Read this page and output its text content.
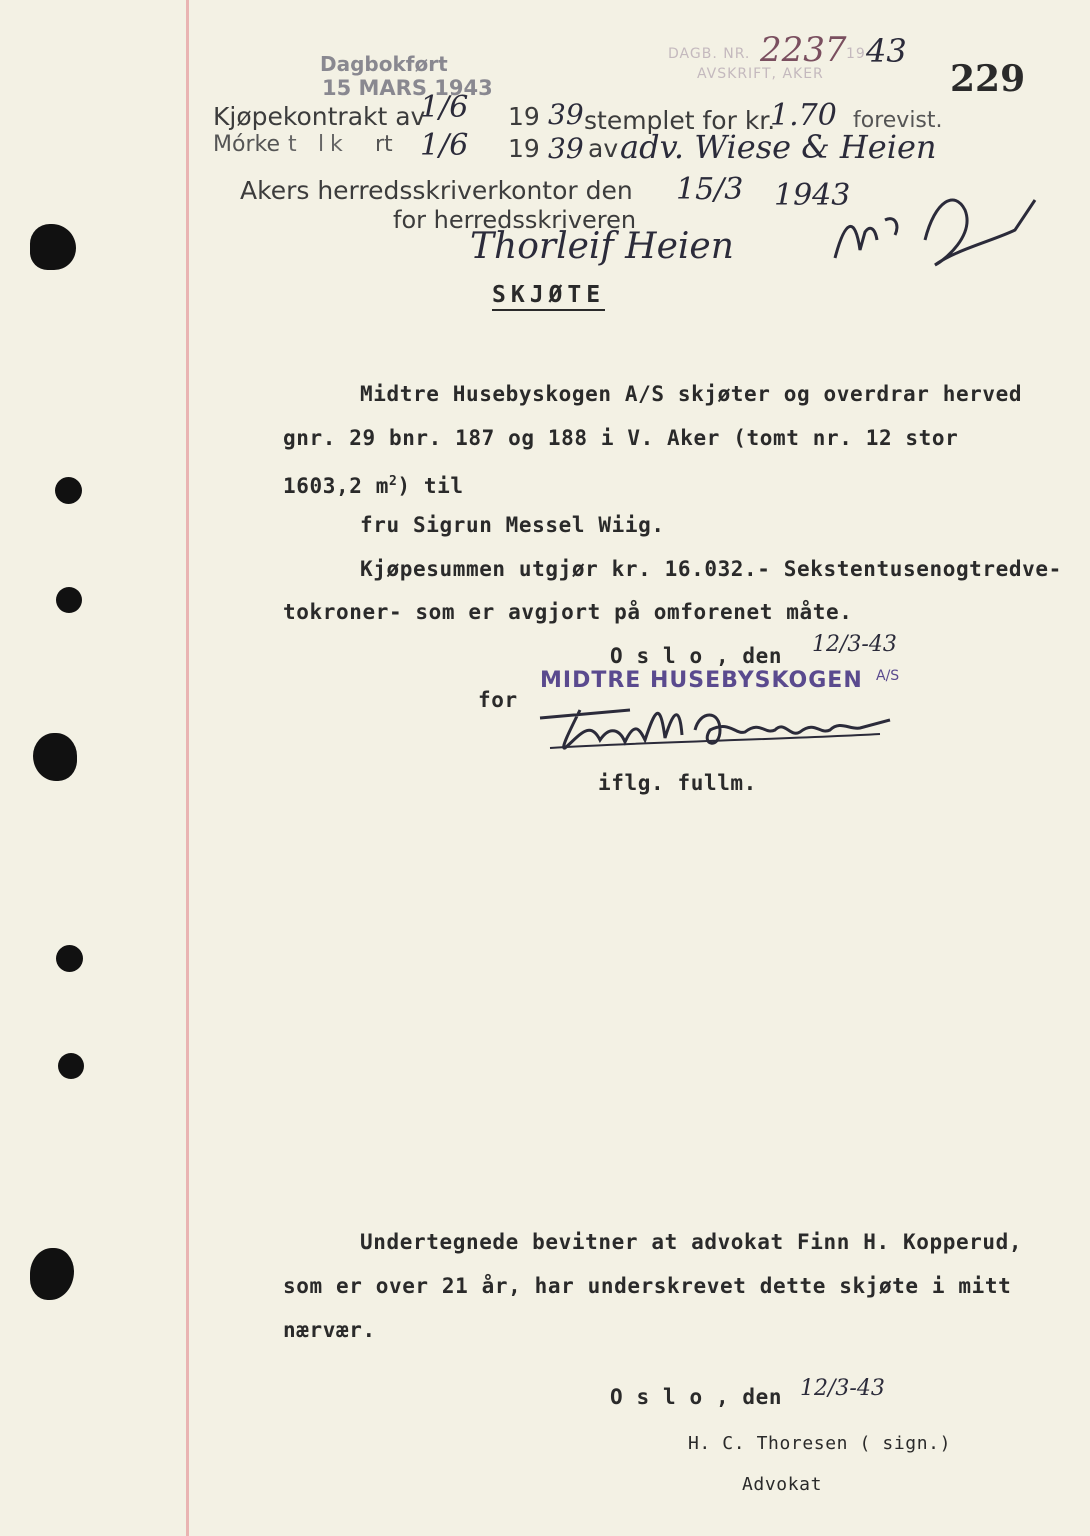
Dagbokført
15 MARS 1943
DAGB. NR.	19
AVSKRIFT, AKER
2237 43
229
Kjøpekontrakt av
1/6 19 39 stemplet for kr.
1.70 forevist.
Mórke t l k rt 1/6 19 39 av adv. Wiese & Heien
Akers herredsskriverkontor den 15/3 1943
for herredsskriveren
Thorleif Heien
SKJØTE
Midtre Husebyskogen A/S skjøter og overdrar herved
gnr. 29 bnr. 187 og 188 i V. Aker (tomt nr. 12 stor
1603,2 $m^2$) til
fru Sigrun Messel Wiig.
Kjøpesummen utgjør kr. 16.032.- Sekstentusenogtredve-
tokroner- som er avgjort på omforenet måte.
O s l o , den 12/3-43
for
MIDTRE HUSEBYSKOGEN A/S
iflg. fullm.
Undertegnede bevitner at advokat Finn H. Kopperud,
som er over 21 år, har underskrevet dette skjøte i mitt
nærvær.
O s l o , den 12/3-43
H. C. Thoresen ( sign.)
Advokat
